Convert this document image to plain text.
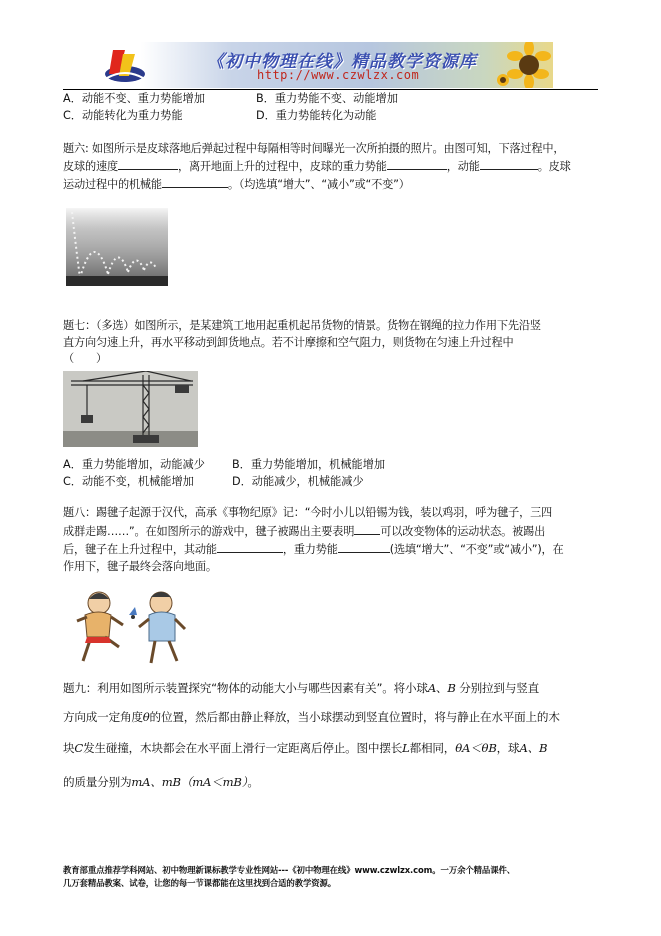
《初中物理在线》精品教学资源库
http://www.czwlzx.com
A．动能不变、重力势能增加	B．重力势能不变、动能增加
C．动能转化为重力势能	D．重力势能转化为动能
题六: 如图所示是皮球落地后弹起过程中每隔相等时间曝光一次所拍摄的照片。由图可知，下落过程中，
皮球的速度	，离开地面上升的过程中，皮球的重力势能	，动能	。皮球
运动过程中的机械能	。（均选填“增大”、“减小”或“不变”）
题七：（多选）如图所示，是某建筑工地用起重机起吊货物的情景。货物在钢绳的拉力作用下先沿竖
直方向匀速上升，再水平移动到卸货地点。若不计摩擦和空气阻力，则货物在匀速上升过程中
（　　）
A．重力势能增加，动能减少 B．重力势能增加，机械能增加
C．动能不变，机械能增加	D．动能减少，机械能减少
题八：踢毽子起源于汉代，高承《事物纪原》记：“今时小儿以铅锡为钱，装以鸡羽，呼为毽子，三四
成群走踢……”。在如图所示的游戏中，毽子被踢出主要表明 可以改变物体的运动状态。被踢出
后，毽子在上升过程中，其动能	，重力势能	(选填“增大”、“不变”或“减小”)，在
作用下，毽子最终会落向地面。
题九：利用如图所示装置探究“物体的动能大小与哪些因素有关”。将小球A、B 分别拉到与竖直
方向成一定角度θ的位置，然后都由静止释放，当小球摆动到竖直位置时，将与静止在水平面上的木
块C发生碰撞，木块都会在水平面上滑行一定距离后停止。图中摆长L都相同，θA＜θB，球A、B
的质量分别为mA、mB（mA＜mB）。
教育部重点推荐学科网站、初中物理新课标教学专业性网站---《初中物理在线》www.czwlzx.com。一万余个精品课件、
几万套精品教案、试卷，让您的每一节课都能在这里找到合适的教学资源。
